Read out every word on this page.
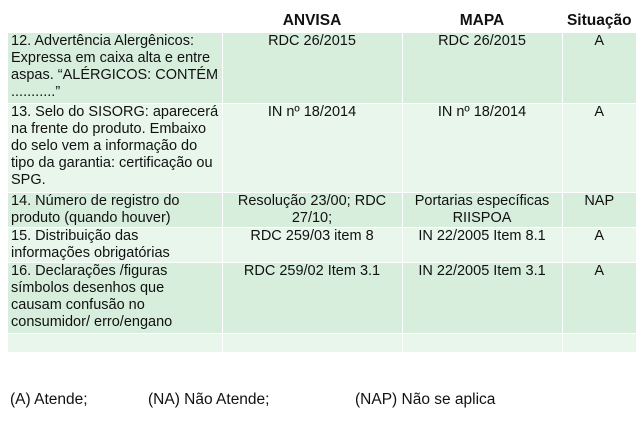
	ANVISA	MAPA	Situação
12. Advertência Alergênicos: Expressa em caixa alta e entre aspas. “ALÉRGICOS: CONTÉM ...........”	RDC 26/2015	RDC 26/2015	A
13. Selo do SISORG: aparecerá na frente do produto. Embaixo do selo vem a informação do tipo da garantia: certificação ou SPG.	IN nº 18/2014	IN nº 18/2014	A
14. Número de registro do produto (quando houver)	Resolução 23/00; RDC 27/10;	Portarias específicas RIISPOA	NAP
15. Distribuição das informações obrigatórias	RDC 259/03 item 8	IN 22/2005 Item 8.1	A
16. Declarações /figuras símbolos desenhos que causam confusão no consumidor/ erro/engano	RDC 259/02 Item 3.1	IN 22/2005 Item 3.1	A

(A) Atende;	(NA) Não Atende;	(NAP) Não se aplica
